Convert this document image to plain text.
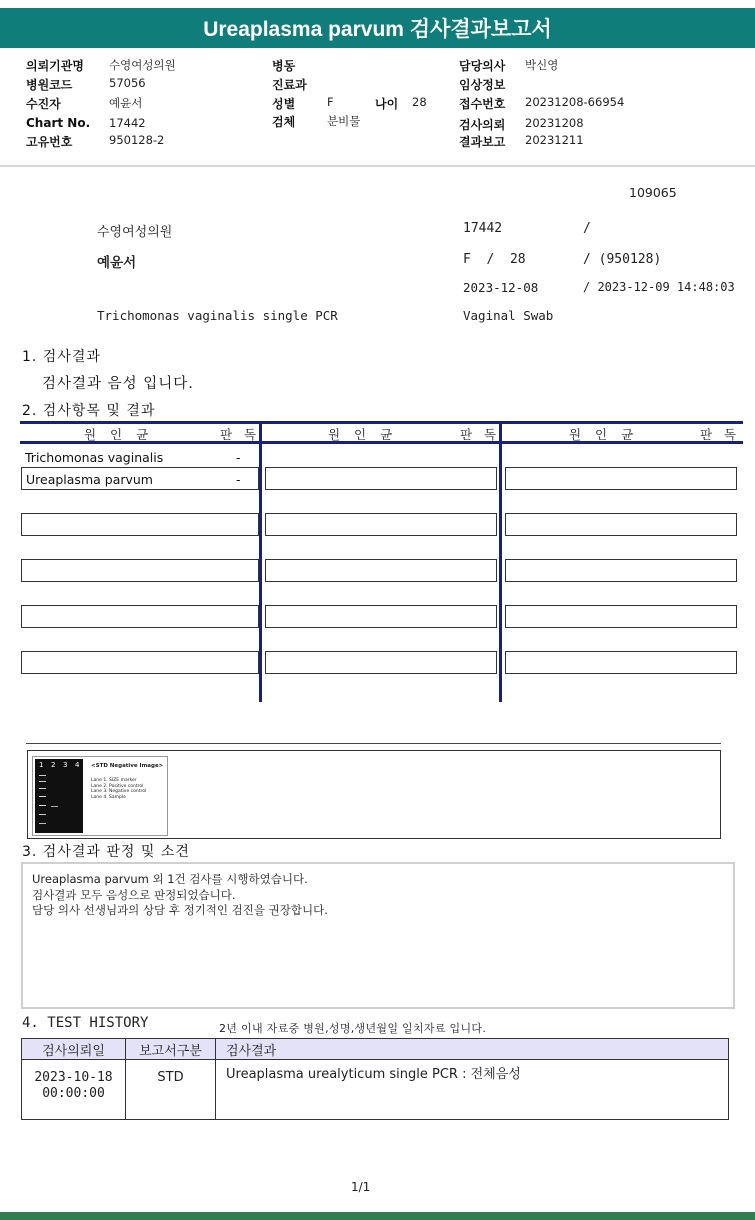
Ureaplasma parvum 검사결과보고서
의뢰기관명 수영여성의원
병원코드	57056
수진자	예윤서
Chart No. 17442
고유번호	950128-2
병동
진료과
성별	F	나이 28
검체	분비물
담당의사 박신영
임상정보
접수번호 20231208-66954
검사의뢰 20231208
결과보고 20231211
109065
수영여성의원	17442	/
예윤서	F  /  28	/ (950128)
2023-12-08	/ 2023-12-09 14:48:03
Trichomonas vaginalis single PCR	Vaginal Swab
1. 검사결과
검사결과 음성 입니다.
2. 검사항목 및 결과
원 인 균	판 독	원 인 균	판 독	원 인 균	판 독
Trichomonas vaginalis	-
Ureaplasma parvum	-
1 2 3 4 <STD Negative Image>
Lane 1. SIZE marker
Lane 2. Positive control
Lane 3. Negative control
Lane 4. Sample
3. 검사결과 판정 및 소견
Ureaplasma parvum 외 1건 검사를 시행하였습니다.
검사결과 모두 음성으로 판정되었습니다.
담당 의사 선생님과의 상담 후 정기적인 검진을 권장합니다.
4. TEST HISTORY	2년 이내 자료중 병원,성명,생년월일 일치자료 입니다.
검사의뢰일	보고서구분	검사결과

2023-10-18
00:00:00	STD	Ureaplasma urealyticum single PCR : 전체음성
1/1
